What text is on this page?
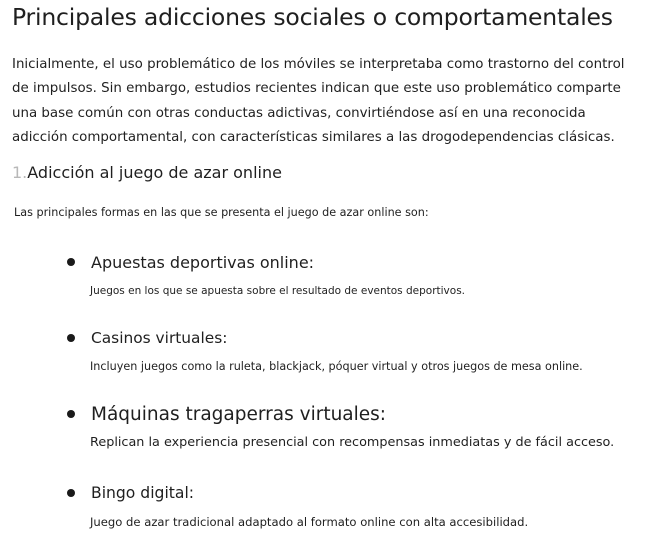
Principales adicciones sociales o comportamentales

Inicialmente, el uso problemático de los móviles se interpretaba como trastorno del control de impulsos. Sin embargo, estudios recientes indican que este uso problemático comparte una base común con otras conductas adictivas, convirtiéndose así en una reconocida adicción comportamental, con características similares a las drogodependencias clásicas.

1.Adicción al juego de azar online

Las principales formas en las que se presenta el juego de azar online son:

Apuestas deportivas online:

Juegos en los que se apuesta sobre el resultado de eventos deportivos.

Casinos virtuales:

Incluyen juegos como la ruleta, blackjack, póquer virtual y otros juegos de mesa online.

Máquinas tragaperras virtuales:

Replican la experiencia presencial con recompensas inmediatas y de fácil acceso.

Bingo digital:

Juego de azar tradicional adaptado al formato online con alta accesibilidad.
